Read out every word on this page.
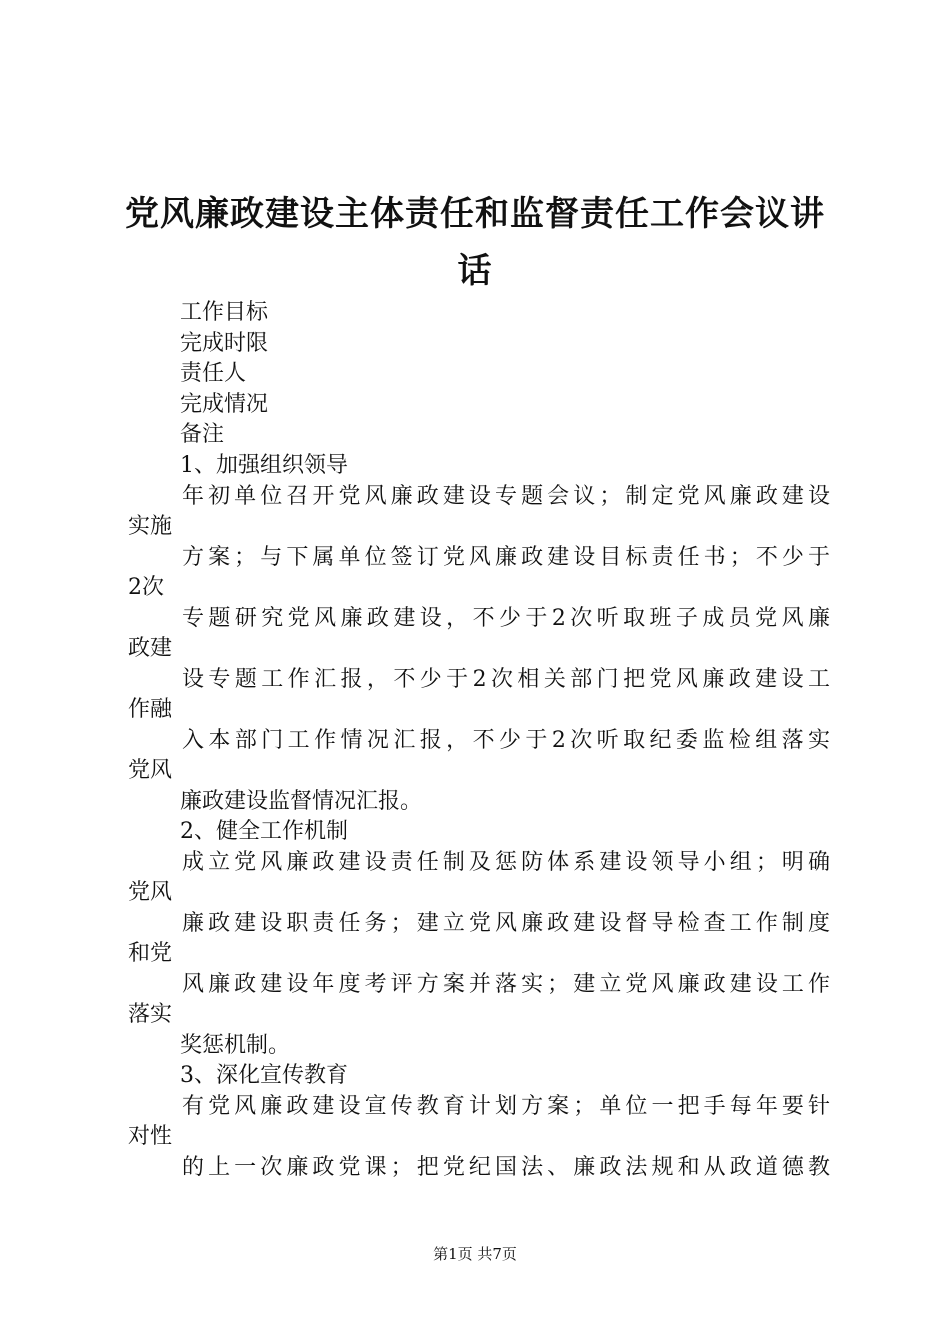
党风廉政建设主体责任和监督责任工作会议讲
话
工作目标
完成时限
责任人
完成情况
备注
1、加强组织领导
年初单位召开党风廉政建设专题会议；制定党风廉政建设
实施
方案；与下属单位签订党风廉政建设目标责任书；不少于
2次
专题研究党风廉政建设，不少于2次听取班子成员党风廉
政建
设专题工作汇报，不少于2次相关部门把党风廉政建设工
作融
入本部门工作情况汇报，不少于2次听取纪委监检组落实
党风
廉政建设监督情况汇报。
2、健全工作机制
成立党风廉政建设责任制及惩防体系建设领导小组；明确
党风
廉政建设职责任务；建立党风廉政建设督导检查工作制度
和党
风廉政建设年度考评方案并落实；建立党风廉政建设工作
落实
奖惩机制。
3、深化宣传教育
有党风廉政建设宣传教育计划方案；单位一把手每年要针
对性
的上一次廉政党课；把党纪国法、廉政法规和从政道德教
第1页 共7页
